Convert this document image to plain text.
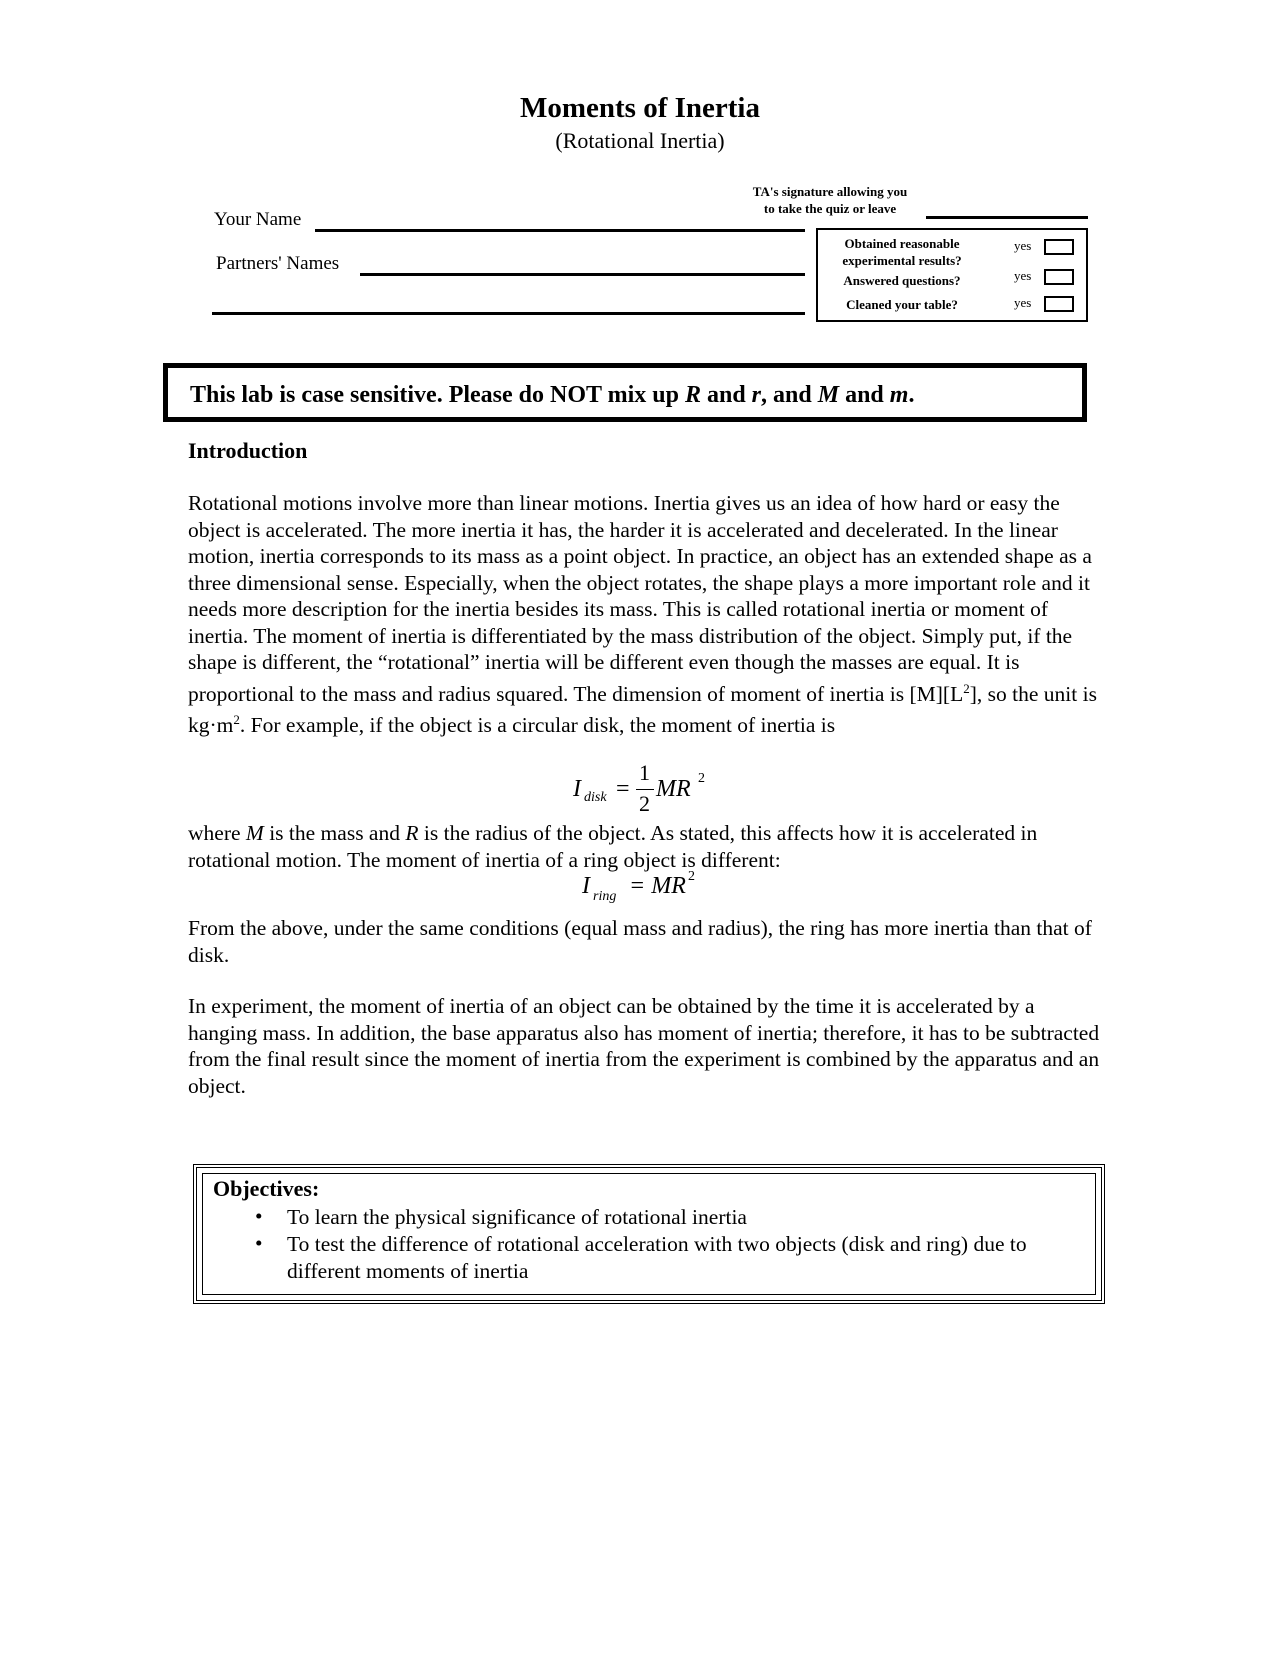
Moments of Inertia
(Rotational Inertia)
Your Name
Partners' Names
TA's signature allowing you
to take the quiz or leave
Obtained reasonable
experimental results?
Answered questions?
Cleaned your table?
yes
yes
yes
This lab is case sensitive. Please do NOT mix up R and r, and M and m.
Introduction
Rotational motions involve more than linear motions. Inertia gives us an idea of how hard or easy the object is accelerated. The more inertia it has, the harder it is accelerated and decelerated. In the linear motion, inertia corresponds to its mass as a point object. In practice, an object has an extended shape as a three dimensional sense. Especially, when the object rotates, the shape plays a more important role and it needs more description for the inertia besides its mass. This is called rotational inertia or moment of inertia. The moment of inertia is differentiated by the mass distribution of the object. Simply put, if the shape is different, the “rotational” inertia will be different even though the masses are equal. It is proportional to the mass and radius squared. The dimension of moment of inertia is $[M][L^2]$, so the unit is $kg\cdot m^2$. For example, if the object is a circular disk, the moment of inertia is
I disk =
1
2
MR 2
where M is the mass and R is the radius of the object. As stated, this affects how it is accelerated in rotational motion. The moment of inertia of a ring object is different:
I ring = MR 2
From the above, under the same conditions (equal mass and radius), the ring has more inertia than that of disk.
In experiment, the moment of inertia of an object can be obtained by the time it is accelerated by a hanging mass. In addition, the base apparatus also has moment of inertia; therefore, it has to be subtracted from the final result since the moment of inertia from the experiment is combined by the apparatus and an object.
Objectives:
• To learn the physical significance of rotational inertia
• To test the difference of rotational acceleration with two objects (disk and ring) due to different moments of inertia
